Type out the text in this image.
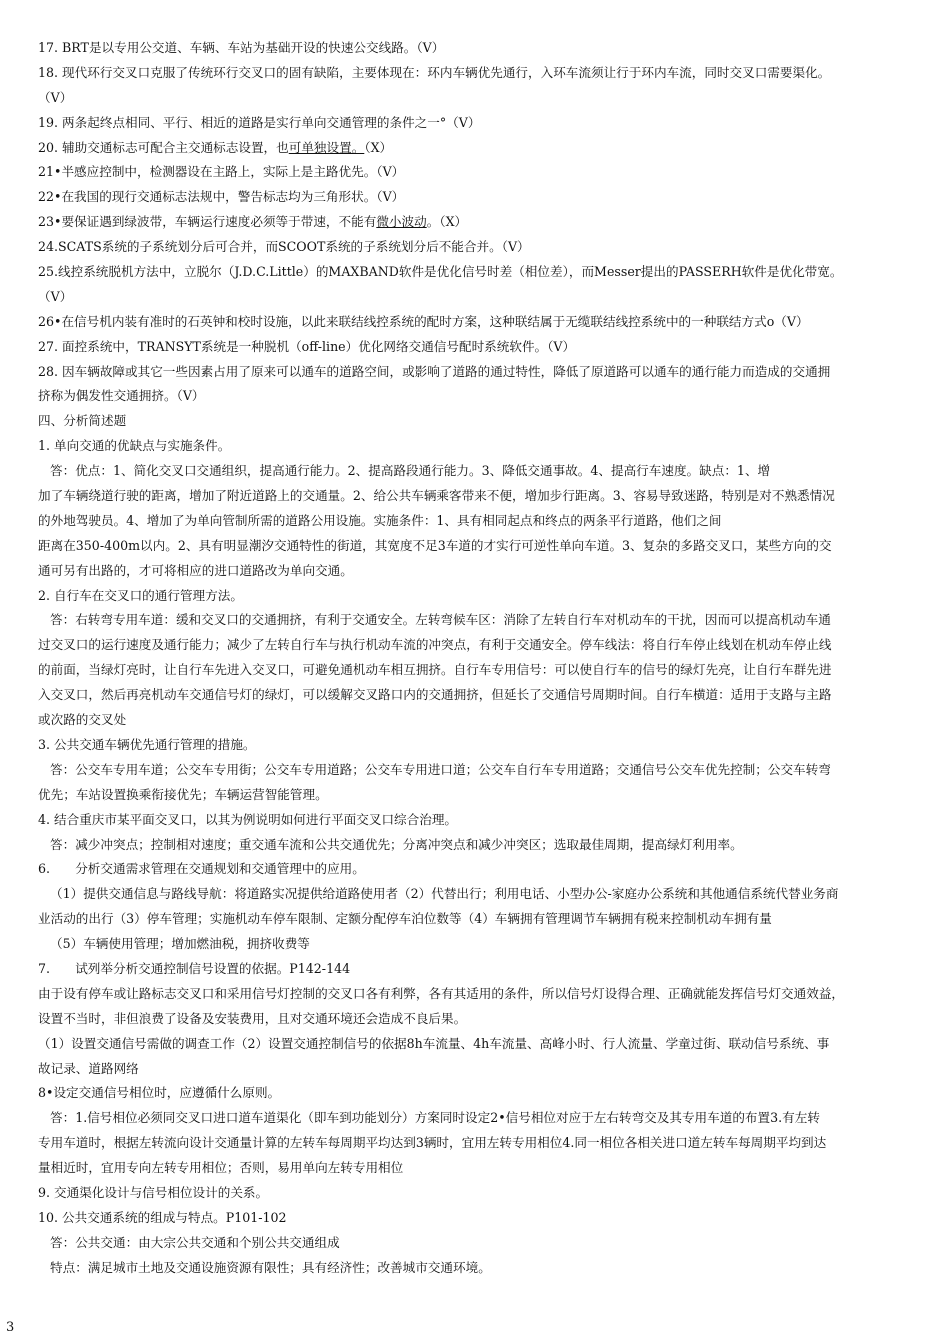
17. BRT是以专用公交道、车辆、车站为基础开设的快速公交线路。（V）
18. 现代环行交叉口克服了传统环行交叉口的固有缺陷，主要体现在：环内车辆优先通行，入环车流须让行于环内车流，同时交叉口需要渠化。
（V）
19. 两条起终点相同、平行、相近的道路是实行单向交通管理的条件之一°（V）
20. 辅助交通标志可配合主交通标志设置，也可单独设置。（X）
21•半感应控制中，检测器设在主路上，实际上是主路优先。（V）
22•在我国的现行交通标志法规中，警告标志均为三角形状。（V）
23•要保证遇到绿波带，车辆运行速度必须等于带速，不能有微小波动。（X）
24.SCATS系统的子系统划分后可合并，而SCOOT系统的子系统划分后不能合并。（V）
25.线控系统脱机方法中，立脱尔（J.D.C.Little）的MAXBAND软件是优化信号时差（相位差），而Messer提出的PASSERH软件是优化带宽。
（V）
26•在信号机内装有准时的石英钟和校时设施，以此来联结线控系统的配时方案，这种联结属于无缆联结线控系统中的一种联结方式o（V）
27. 面控系统中，TRANSYT系统是一种脱机（off-line）优化网络交通信号配时系统软件。（V）
28. 因车辆故障或其它一些因素占用了原来可以通车的道路空间，或影响了道路的通过特性，降低了原道路可以通车的通行能力而造成的交通拥
挤称为偶发性交通拥挤。（V）
四、分析简述题
1. 单向交通的优缺点与实施条件。
答：优点：1、简化交叉口交通组织，提高通行能力。2、提高路段通行能力。3、降低交通事故。4、提高行车速度。缺点：1、增
加了车辆绕道行驶的距离，增加了附近道路上的交通量。2、给公共车辆乘客带来不便，增加步行距离。3、容易导致迷路，特别是对不熟悉情况
的外地驾驶员。4、增加了为单向管制所需的道路公用设施。实施条件：1、具有相同起点和终点的两条平行道路，他们之间
距离在350-400m以内。2、具有明显潮汐交通特性的街道，其宽度不足3车道的才实行可逆性单向车道。3、复杂的多路交叉口，某些方向的交
通可另有出路的，才可将相应的进口道路改为单向交通。
2. 自行车在交叉口的通行管理方法。
答：右转弯专用车道：缓和交叉口的交通拥挤，有利于交通安全。左转弯候车区：消除了左转自行车对机动车的干扰，因而可以提高机动车通
过交叉口的运行速度及通行能力；减少了左转自行车与执行机动车流的冲突点，有利于交通安全。停车线法：将自行车停止线划在机动车停止线
的前面，当绿灯亮时，让自行车先进入交叉口，可避免通机动车相互拥挤。自行车专用信号：可以使自行车的信号的绿灯先亮，让自行车群先进
入交叉口，然后再亮机动车交通信号灯的绿灯，可以缓解交叉路口内的交通拥挤，但延长了交通信号周期时间。自行车横道：适用于支路与主路
或次路的交叉处
3. 公共交通车辆优先通行管理的措施。
答：公交车专用车道；公交车专用街；公交车专用道路；公交车专用进口道；公交车自行车专用道路；交通信号公交车优先控制；公交车转弯
优先；车站设置换乘衔接优先；车辆运营智能管理。
4. 结合重庆市某平面交叉口，以其为例说明如何进行平面交叉口综合治理。
答：减少冲突点；控制相对速度；重交通车流和公共交通优先；分离冲突点和减少冲突区；选取最佳周期，提高绿灯利用率。
6.　　分析交通需求管理在交通规划和交通管理中的应用。
（1）提供交通信息与路线导航：将道路实况提供给道路使用者（2）代替出行；利用电话、小型办公-家庭办公系统和其他通信系统代替业务商
业活动的出行（3）停车管理；实施机动车停车限制、定额分配停车泊位数等（4）车辆拥有管理调节车辆拥有税来控制机动车拥有量
（5）车辆使用管理；增加燃油税，拥挤收费等
7.　　试列举分析交通控制信号设置的依据。P142-144
由于设有停车或让路标志交叉口和采用信号灯控制的交叉口各有利弊，各有其适用的条件，所以信号灯设得合理、正确就能发挥信号灯交通效益，
设置不当时，非但浪费了设备及安装费用，且对交通环境还会造成不良后果。
（1）设置交通信号需做的调查工作（2）设置交通控制信号的依据8h车流量、4h车流量、高峰小时、行人流量、学童过街、联动信号系统、事
故记录、道路网络
8•设定交通信号相位时，应遵循什么原则。
答：1.信号相位必须同交叉口进口道车道渠化（即车到功能划分）方案同时设定2•信号相位对应于左右转弯交及其专用车道的布置3.有左转
专用车道时，根据左转流向设计交通量计算的左转车每周期平均达到3辆时，宜用左转专用相位4.同一相位各相关进口道左转车每周期平均到达
量相近时，宜用专向左转专用相位；否则，易用单向左转专用相位
9. 交通渠化设计与信号相位设计的关系。
10. 公共交通系统的组成与特点。P101-102
答：公共交通：由大宗公共交通和个别公共交通组成
特点：满足城市土地及交通设施资源有限性；具有经济性；改善城市交通环境。
3
